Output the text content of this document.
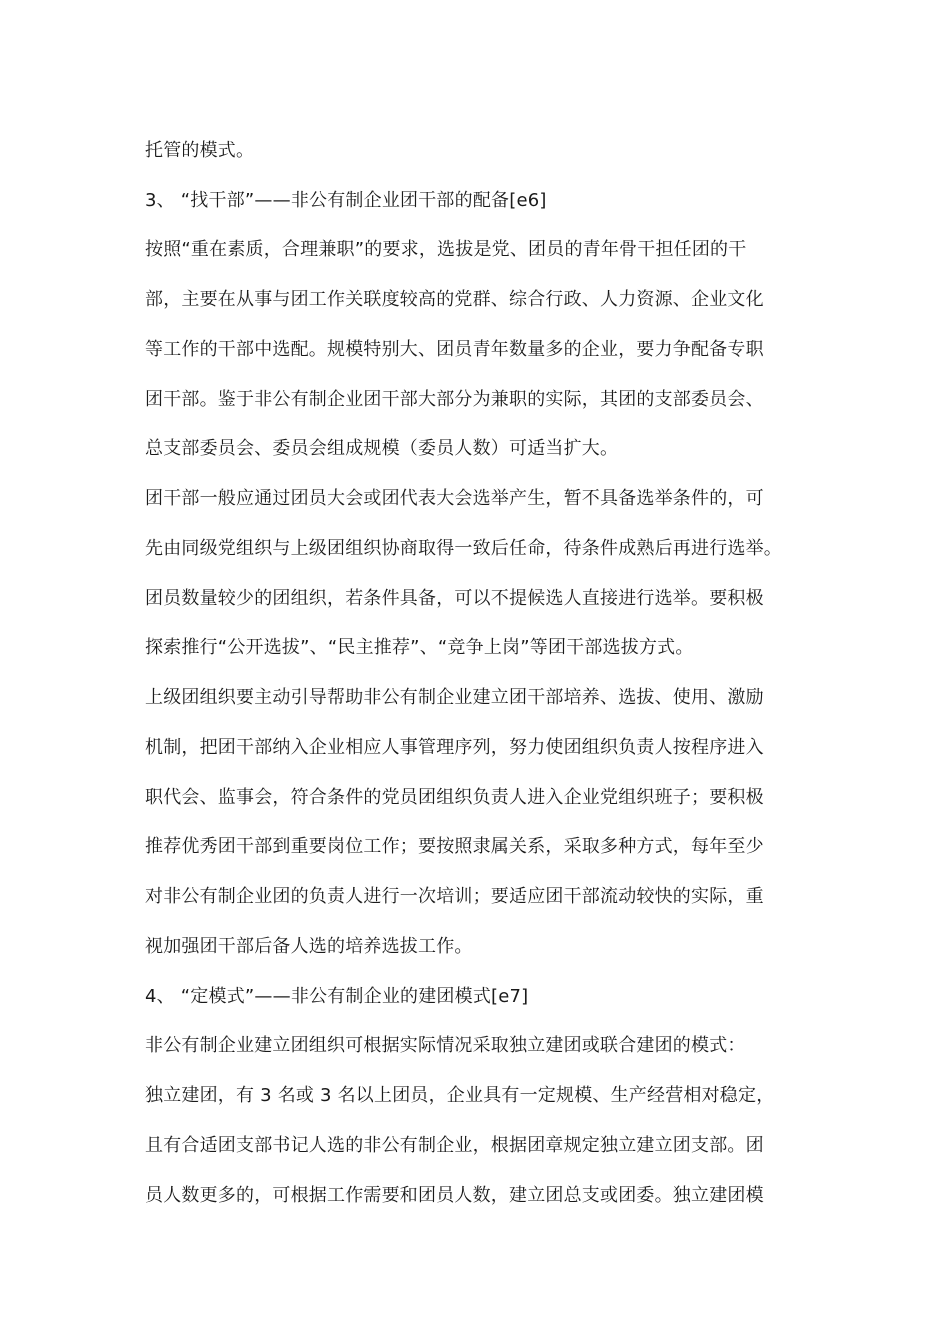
托管的模式。
3、 “找干部”——非公有制企业团干部的配备[e6]
按照“重在素质，合理兼职”的要求，选拔是党、团员的青年骨干担任团的干
部，主要在从事与团工作关联度较高的党群、综合行政、人力资源、企业文化
等工作的干部中选配。规模特别大、团员青年数量多的企业，要力争配备专职
团干部。鉴于非公有制企业团干部大部分为兼职的实际，其团的支部委员会、
总支部委员会、委员会组成规模（委员人数）可适当扩大。
团干部一般应通过团员大会或团代表大会选举产生，暂不具备选举条件的，可
先由同级党组织与上级团组织协商取得一致后任命，待条件成熟后再进行选举。
团员数量较少的团组织，若条件具备，可以不提候选人直接进行选举。要积极
探索推行“公开选拔”、“民主推荐”、“竞争上岗”等团干部选拔方式。
上级团组织要主动引导帮助非公有制企业建立团干部培养、选拔、使用、激励
机制，把团干部纳入企业相应人事管理序列，努力使团组织负责人按程序进入
职代会、监事会，符合条件的党员团组织负责人进入企业党组织班子；要积极
推荐优秀团干部到重要岗位工作；要按照隶属关系，采取多种方式，每年至少
对非公有制企业团的负责人进行一次培训；要适应团干部流动较快的实际，重
视加强团干部后备人选的培养选拔工作。
4、 “定模式”——非公有制企业的建团模式[e7]
非公有制企业建立团组织可根据实际情况采取独立建团或联合建团的模式：
独立建团，有 3 名或 3 名以上团员，企业具有一定规模、生产经营相对稳定，
且有合适团支部书记人选的非公有制企业，根据团章规定独立建立团支部。团
员人数更多的，可根据工作需要和团员人数，建立团总支或团委。独立建团模
